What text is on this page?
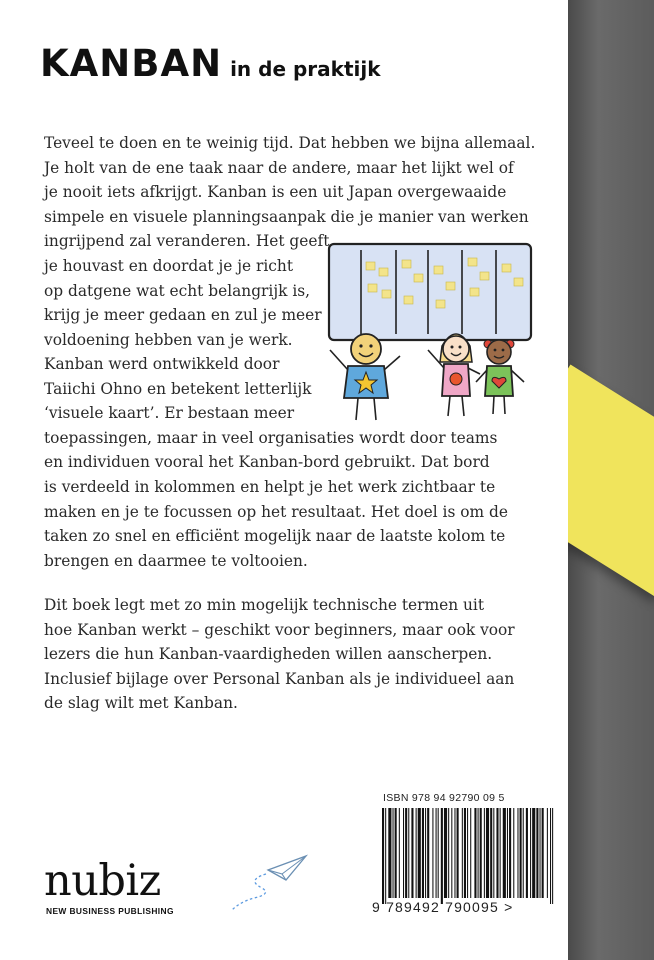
KANBAN in de praktijk
Teveel te doen en te weinig tijd. Dat hebben we bijna allemaal.
Je holt van de ene taak naar de andere, maar het lijkt wel of
je nooit iets afkrijgt. Kanban is een uit Japan overgewaaide
simpele en visuele planningsaanpak die je manier van werken
ingrijpend zal veranderen. Het geeft
je houvast en doordat je je richt
op datgene wat echt belangrijk is,
krijg je meer gedaan en zul je meer
voldoening hebben van je werk.
Kanban werd ontwikkeld door
Taiichi Ohno en betekent letterlijk
‘visuele kaart’. Er bestaan meer
toepassingen, maar in veel organisaties wordt door teams
en individuen vooral het Kanban-bord gebruikt. Dat bord
is verdeeld in kolommen en helpt je het werk zichtbaar te
maken en je te focussen op het resultaat. Het doel is om de
taken zo snel en efficiënt mogelijk naar de laatste kolom te
brengen en daarmee te voltooien.
Dit boek legt met zo min mogelijk technische termen uit
hoe Kanban werkt – geschikt voor beginners, maar ook voor
lezers die hun Kanban-vaardigheden willen aanscherpen.
Inclusief bijlage over Personal Kanban als je individueel aan
de slag wilt met Kanban.
ISBN 978 94 92790 09 5
9 789492 790095 >
nubiz
NEW BUSINESS PUBLISHING
